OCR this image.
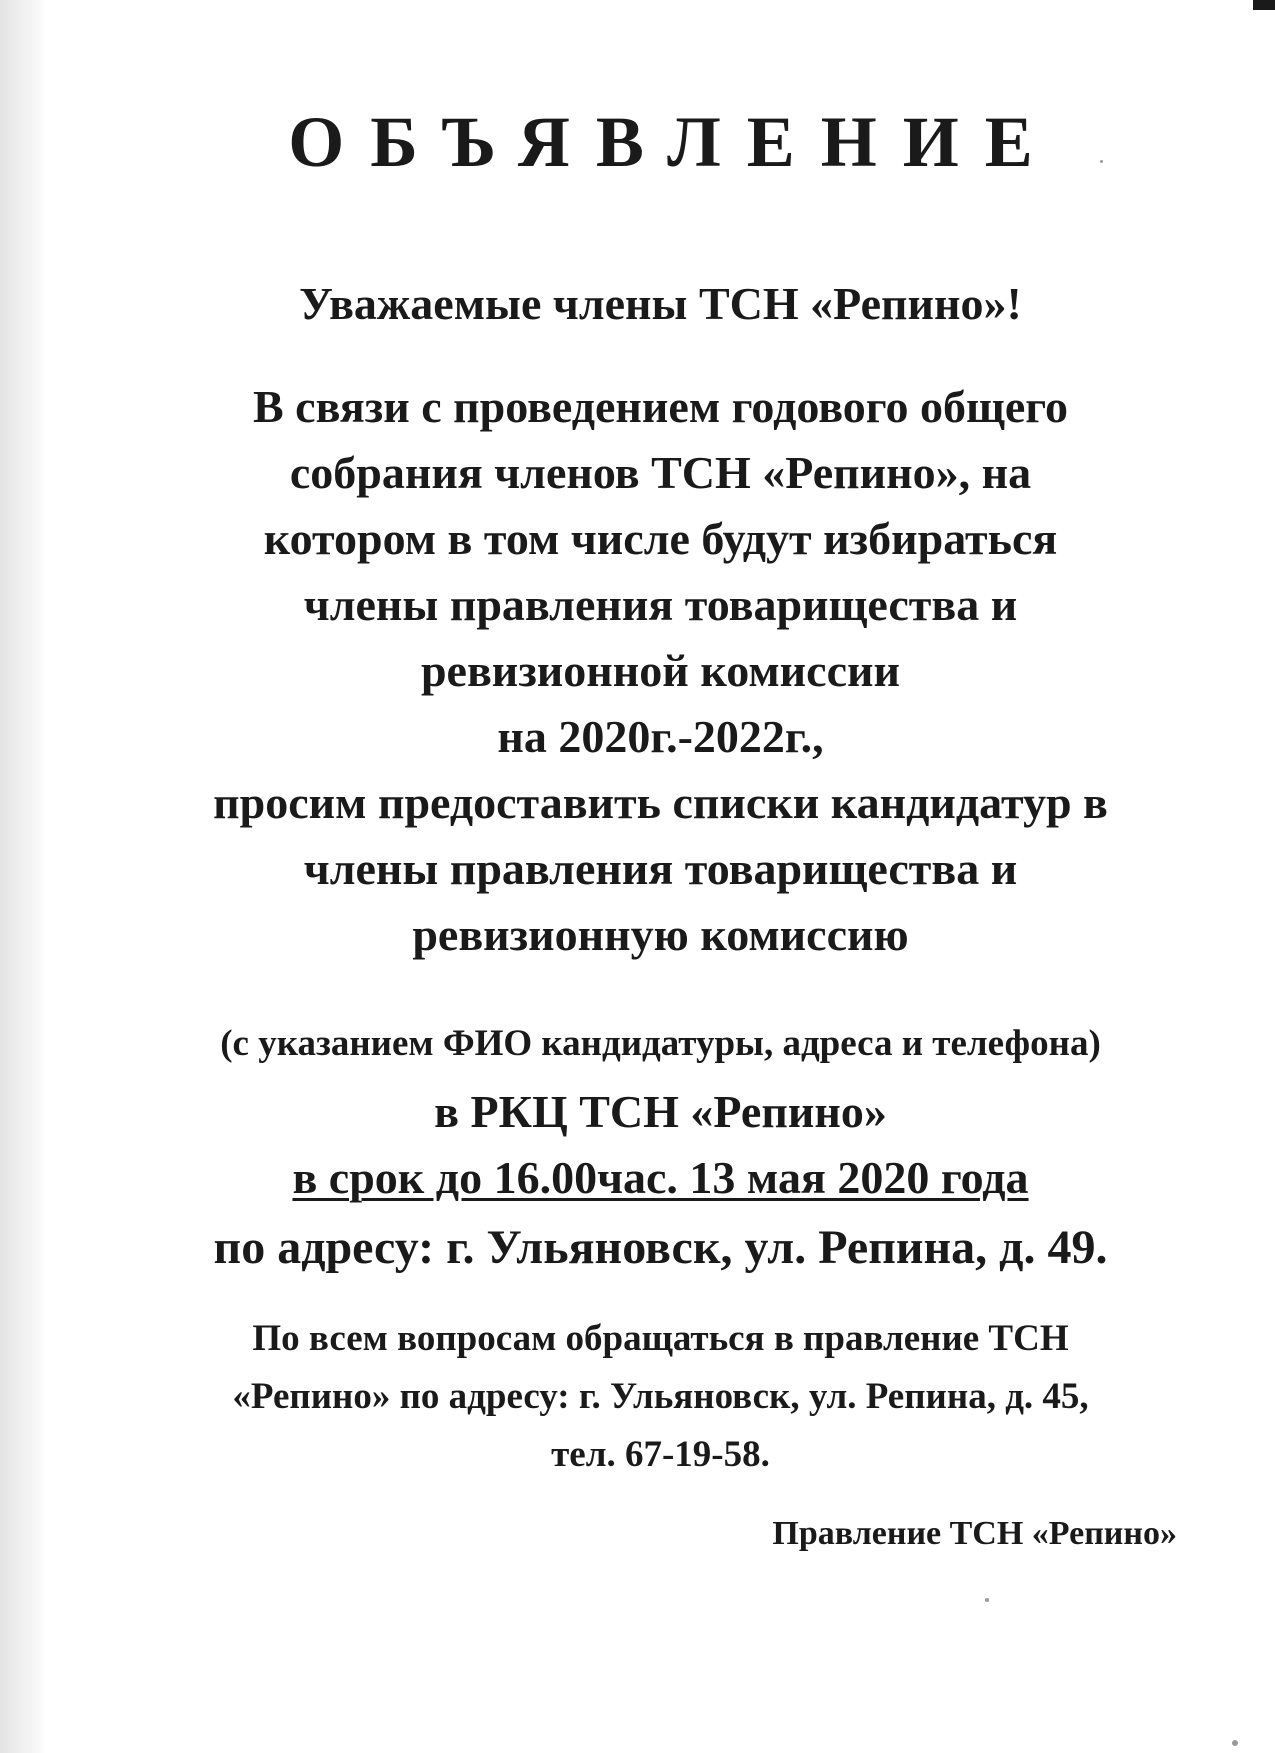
ОБЪЯВЛЕНИЕ

Уважаемые члены ТСН «Репино»!

В связи с проведением годового общего
собрания членов ТСН «Репино», на
котором в том числе будут избираться
члены правления товарищества и
ревизионной комиссии
на 2020г.-2022г.,
просим предоставить списки кандидатур в
члены правления товарищества и
ревизионную комиссию

(с указанием ФИО кандидатуры, адреса и телефона)

в РКЦ ТСН «Репино»

в срок до 16.00час. 13 мая 2020 года

по адресу: г. Ульяновск, ул. Репина, д. 49.

По всем вопросам обращаться в правление ТСН
«Репино» по адресу: г. Ульяновск, ул. Репина, д. 45,
тел. 67-19-58.

Правление ТСН «Репино»
